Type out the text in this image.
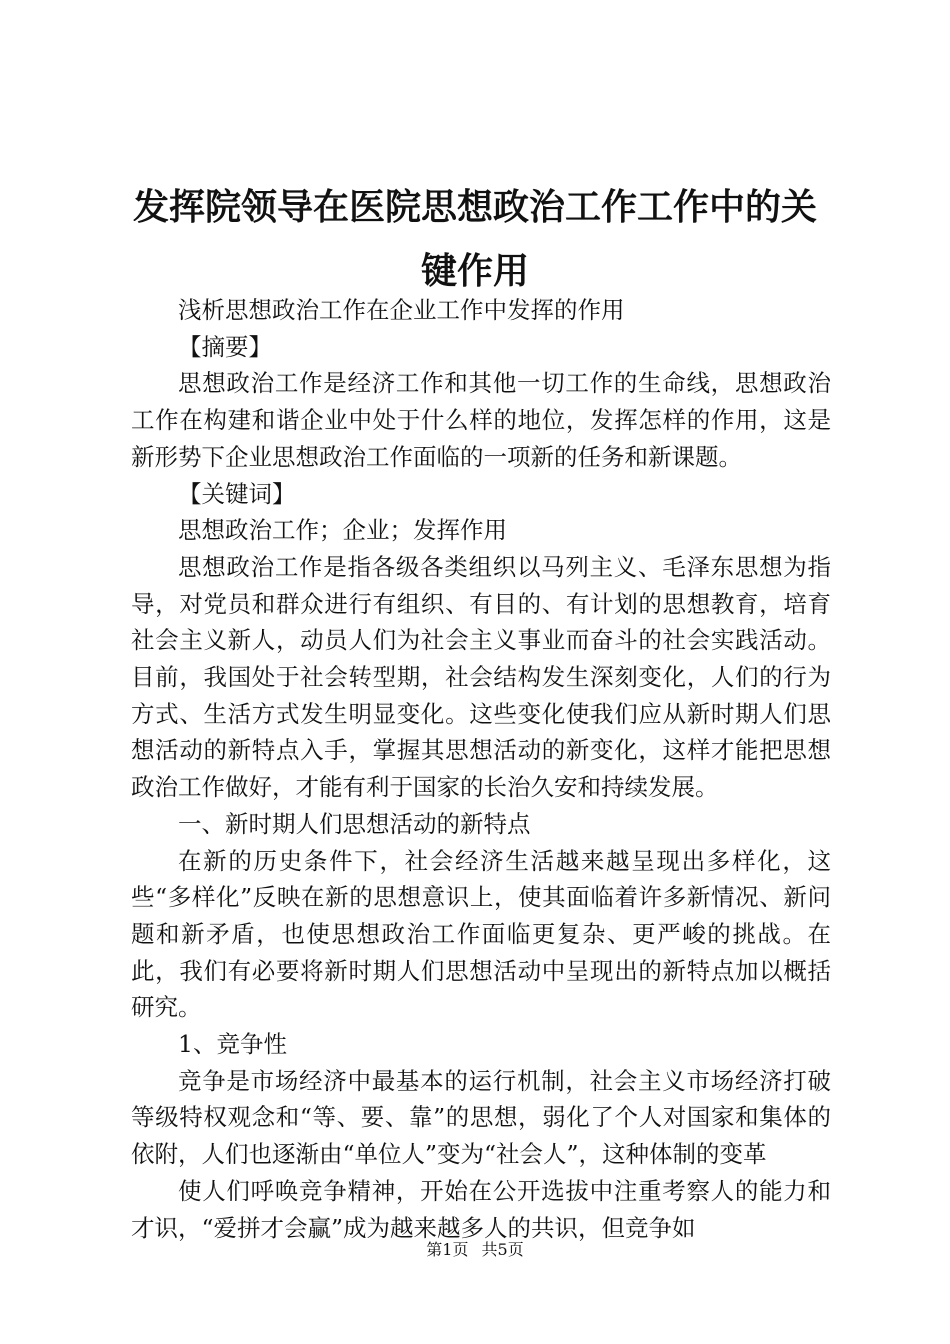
发挥院领导在医院思想政治工作工作中的关键作用

浅析思想政治工作在企业工作中发挥的作用

【摘要】

思想政治工作是经济工作和其他一切工作的生命线，思想政治工作在构建和谐企业中处于什么样的地位，发挥怎样的作用，这是新形势下企业思想政治工作面临的一项新的任务和新课题。

【关键词】

思想政治工作；企业；发挥作用

思想政治工作是指各级各类组织以马列主义、毛泽东思想为指导，对党员和群众进行有组织、有目的、有计划的思想教育，培育社会主义新人，动员人们为社会主义事业而奋斗的社会实践活动。目前，我国处于社会转型期，社会结构发生深刻变化，人们的行为方式、生活方式发生明显变化。这些变化使我们应从新时期人们思想活动的新特点入手，掌握其思想活动的新变化，这样才能把思想政治工作做好，才能有利于国家的长治久安和持续发展。

一、新时期人们思想活动的新特点

在新的历史条件下，社会经济生活越来越呈现出多样化，这些“多样化”反映在新的思想意识上，使其面临着许多新情况、新问题和新矛盾，也使思想政治工作面临更复杂、更严峻的挑战。在此，我们有必要将新时期人们思想活动中呈现出的新特点加以概括研究。

1、竞争性

竞争是市场经济中最基本的运行机制，社会主义市场经济打破等级特权观念和“等、要、靠”的思想，弱化了个人对国家和集体的依附，人们也逐渐由“单位人”变为“社会人”，这种体制的变革

使人们呼唤竞争精神，开始在公开选拔中注重考察人的能力和才识，“爱拼才会赢”成为越来越多人的共识，但竞争如

第1页 共5页
